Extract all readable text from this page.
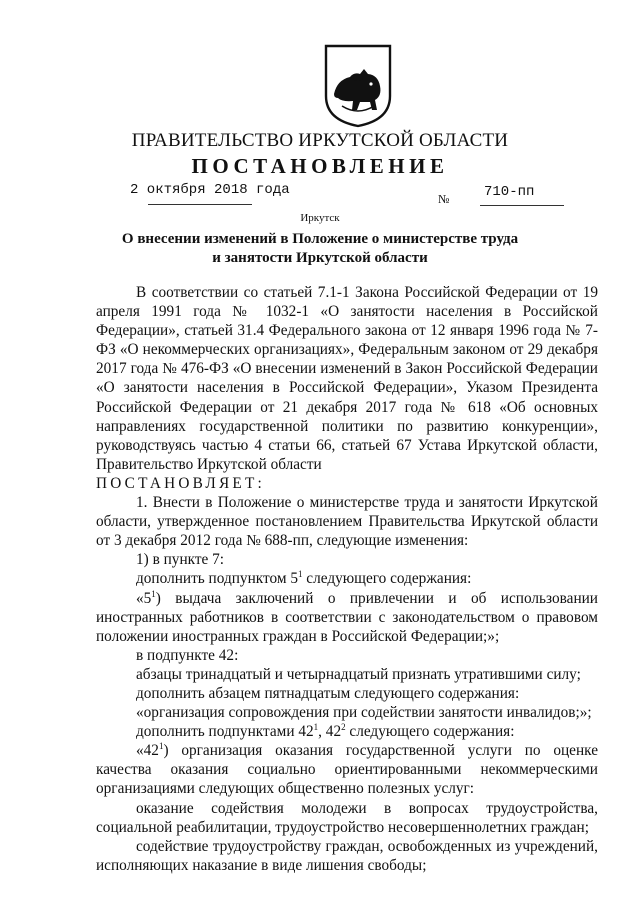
ПРАВИТЕЛЬСТВО ИРКУТСКОЙ ОБЛАСТИ
ПОСТАНОВЛЕНИЕ
2 октября 2018 года
№ 710-пп
Иркутск
О внесении изменений в Положение о министерстве труда
и занятости Иркутской области

В соответствии со статьей 7.1-1 Закона Российской Федерации от 19 апреля 1991 года № 1032-1 «О занятости населения в Российской Федерации», статьей 31.4 Федерального закона от 12 января 1996 года № 7-ФЗ «О некоммерческих организациях», Федеральным законом от 29 декабря 2017 года № 476-ФЗ «О внесении изменений в Закон Российской Федерации «О занятости населения в Российской Федерации», Указом Президента Российской Федерации от 21 декабря 2017 года № 618 «Об основных направлениях государственной политики по развитию конкуренции», руководствуясь частью 4 статьи 66, статьей 67 Устава Иркутской области, Правительство Иркутской области

ПОСТАНОВЛЯЕТ:

1. Внести в Положение о министерстве труда и занятости Иркутской области, утвержденное постановлением Правительства Иркутской области от 3 декабря 2012 года № 688-пп, следующие изменения:

1) в пункте 7:

дополнить подпунктом $5^1$ следующего содержания:

«$5^1$) выдача заключений о привлечении и об использовании иностранных работников в соответствии с законодательством о правовом положении иностранных граждан в Российской Федерации;»;

в подпункте 42:

абзацы тринадцатый и четырнадцатый признать утратившими силу;

дополнить абзацем пятнадцатым следующего содержания:

«организация сопровождения при содействии занятости инвалидов;»;

дополнить подпунктами $42^1$, $42^2$ следующего содержания:

«$42^1$) организация оказания государственной услуги по оценке качества оказания социально ориентированными некоммерческими организациями следующих общественно полезных услуг:

оказание содействия молодежи в вопросах трудоустройства, социальной реабилитации, трудоустройство несовершеннолетних граждан;

содействие трудоустройству граждан, освобожденных из учреждений, исполняющих наказание в виде лишения свободы;
